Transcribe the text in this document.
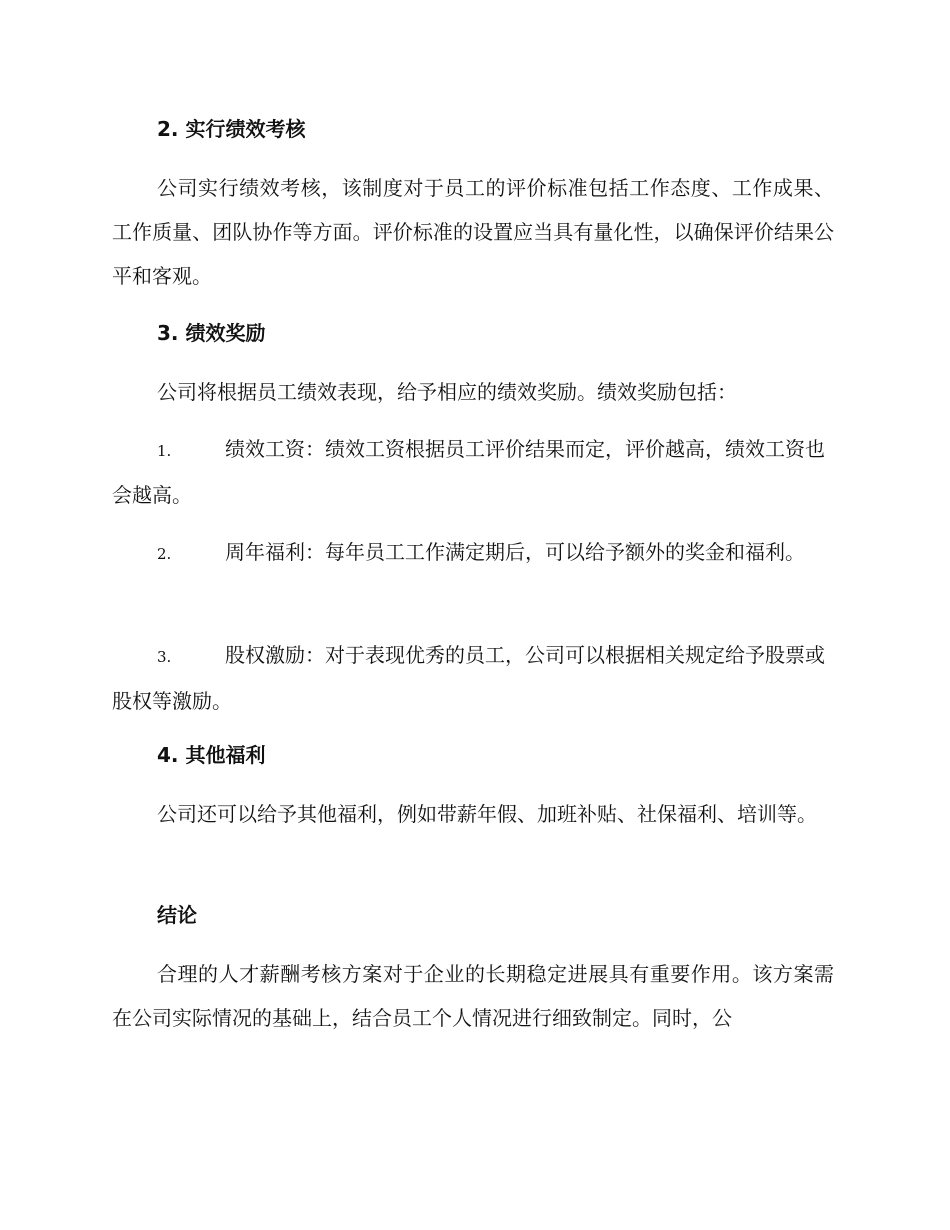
2. 实行绩效考核

公司实行绩效考核，该制度对于员工的评价标准包括工作态度、工作成果、工作质量、团队协作等方面。评价标准的设置应当具有量化性，以确保评价结果公平和客观。

3. 绩效奖励

公司将根据员工绩效表现，给予相应的绩效奖励。绩效奖励包括：

1.	绩效工资：绩效工资根据员工评价结果而定，评价越高，绩效工资也会越高。

2.	周年福利：每年员工工作满定期后，可以给予额外的奖金和福利。

3.	股权激励：对于表现优秀的员工，公司可以根据相关规定给予股票或股权等激励。

4. 其他福利

公司还可以给予其他福利，例如带薪年假、加班补贴、社保福利、培训等。

结论

合理的人才薪酬考核方案对于企业的长期稳定进展具有重要作用。该方案需在公司实际情况的基础上，结合员工个人情况进行细致制定。同时，公
